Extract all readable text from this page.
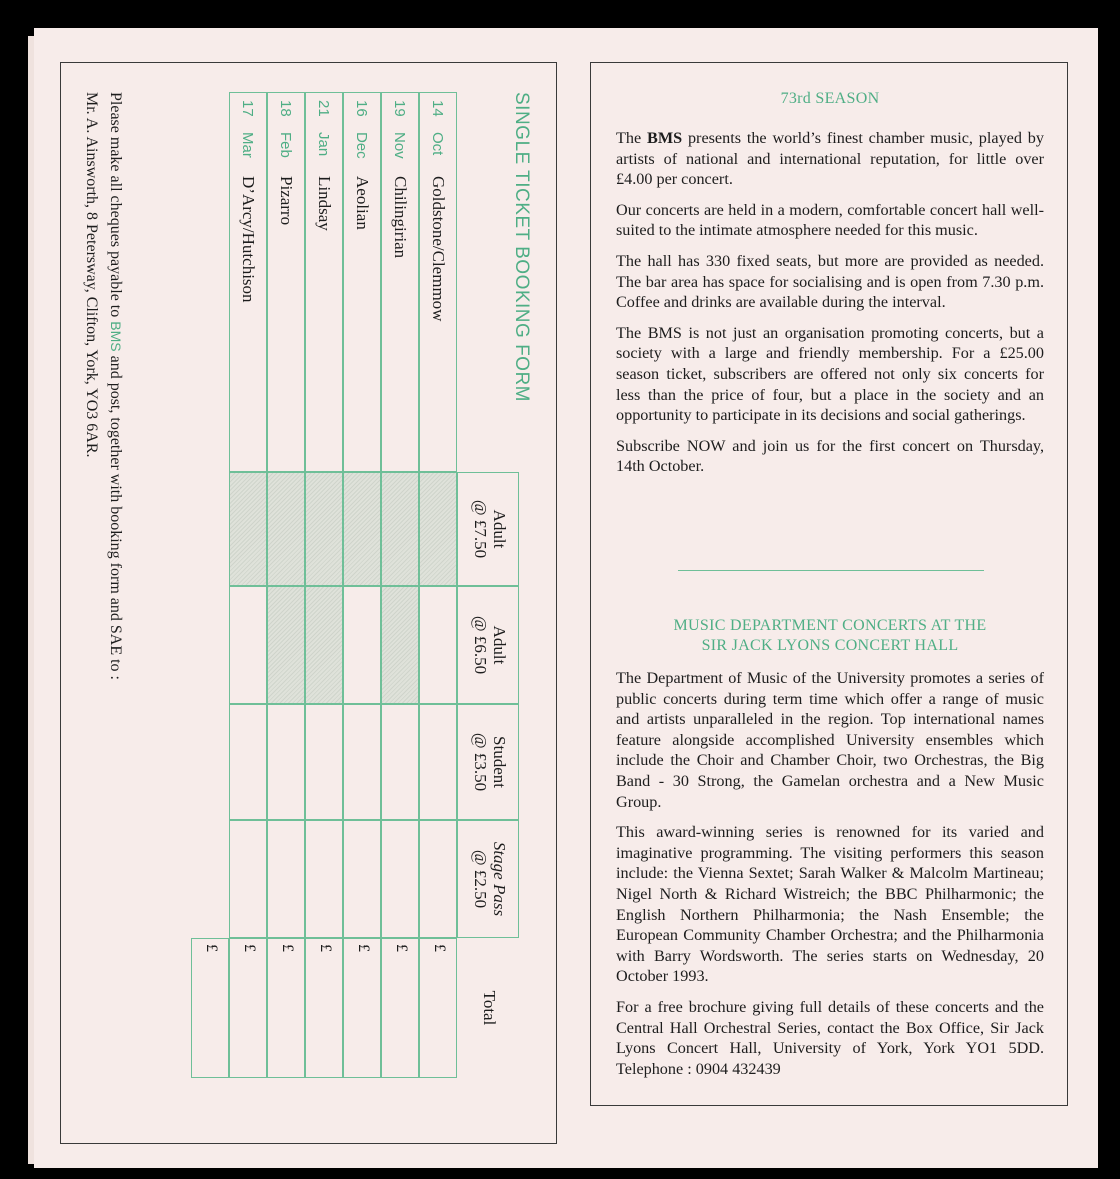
SINGLE TICKET BOOKING FORM
Adult
@ £7.50
Adult
@ £6.50
Student
@ £3.50
Stage Pass
@ £2.50
Total
14OctGoldstone/Clemmow
£
19NovChilingirian
£
16DecAeolian
£
21JanLindsay
£
18FebPizarro
£
17MarD’Arcy/Hutchison
£
£
Please make all cheques payable to BMS and post, together with booking form and SAE to :
Mr. A. Ainsworth, 8 Petersway, Clifton, York, YO3 6AR.	73rd SEASON

The BMS presents the world’s finest chamber music, played by artists of national and international reputation, for little over £4.00 per concert.

Our concerts are held in a modern, comfortable concert hall well-suited to the intimate atmosphere needed for this music.

The hall has 330 fixed seats, but more are provided as needed. The bar area has space for socialising and is open from 7.30 p.m. Coffee and drinks are available during the interval.

The BMS is not just an organisation promoting concerts, but a society with a large and friendly membership. For a £25.00 season ticket, subscribers are offered not only six concerts for less than the price of four, but a place in the society and an opportunity to participate in its decisions and social gatherings.

Subscribe NOW and join us for the first concert on Thursday, 14th October.

MUSIC DEPARTMENT CONCERTS AT THE
SIR JACK LYONS CONCERT HALL

The Department of Music of the University promotes a series of public concerts during term time which offer a range of music and artists unparalleled in the region. Top international names feature alongside accomplished University ensembles which include the Choir and Chamber Choir, two Orchestras, the Big Band - 30 Strong, the Gamelan orchestra and a New Music Group.

This award-winning series is renowned for its varied and imaginative programming. The visiting performers this season include: the Vienna Sextet; Sarah Walker & Malcolm Martineau; Nigel North & Richard Wistreich; the BBC Philharmonic; the English Northern Philharmonia; the Nash Ensemble; the European Community Chamber Orchestra; and the Philharmonia with Barry Wordsworth. The series starts on Wednesday, 20 October 1993.

For a free brochure giving full details of these concerts and the Central Hall Orchestral Series, contact the Box Office, Sir Jack Lyons Concert Hall, University of York, York YO1 5DD. Telephone : 0904 432439
